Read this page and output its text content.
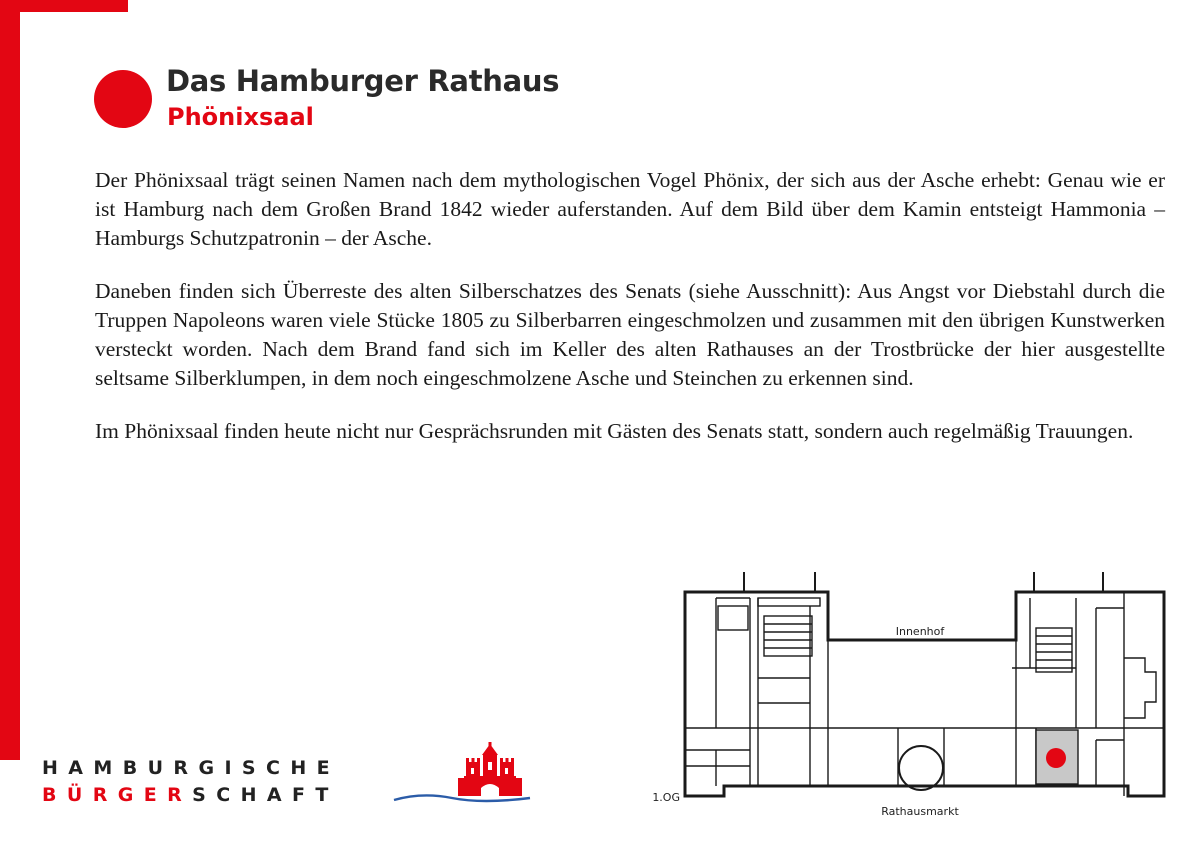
Das Hamburger Rathaus
Phönixsaal

Der Phönixsaal trägt seinen Namen nach dem mythologischen Vogel Phönix, der sich aus der Asche erhebt: Genau wie er ist Hamburg nach dem Großen Brand 1842 wieder auferstanden. Auf dem Bild über dem Kamin entsteigt Hammonia – Hamburgs Schutzpatronin – der Asche.

Daneben finden sich Überreste des alten Silberschatzes des Senats (siehe Ausschnitt): Aus Angst vor Diebstahl durch die Truppen Napoleons waren viele Stücke 1805 zu Silberbarren eingeschmolzen und zusammen mit den übrigen Kunstwerken versteckt worden. Nach dem Brand fand sich im Keller des alten Rathauses an der Trostbrücke der hier ausgestellte seltsame Silberklumpen, in dem noch eingeschmolzene Asche und Steinchen zu erkennen sind.

Im Phönixsaal finden heute nicht nur Gesprächsrunden mit Gästen des Senats statt, sondern auch regelmäßig Trauungen.

HAMBURGISCHE
BÜRGERSCHAFT
Innenhof
Rathausmarkt
1.OG
